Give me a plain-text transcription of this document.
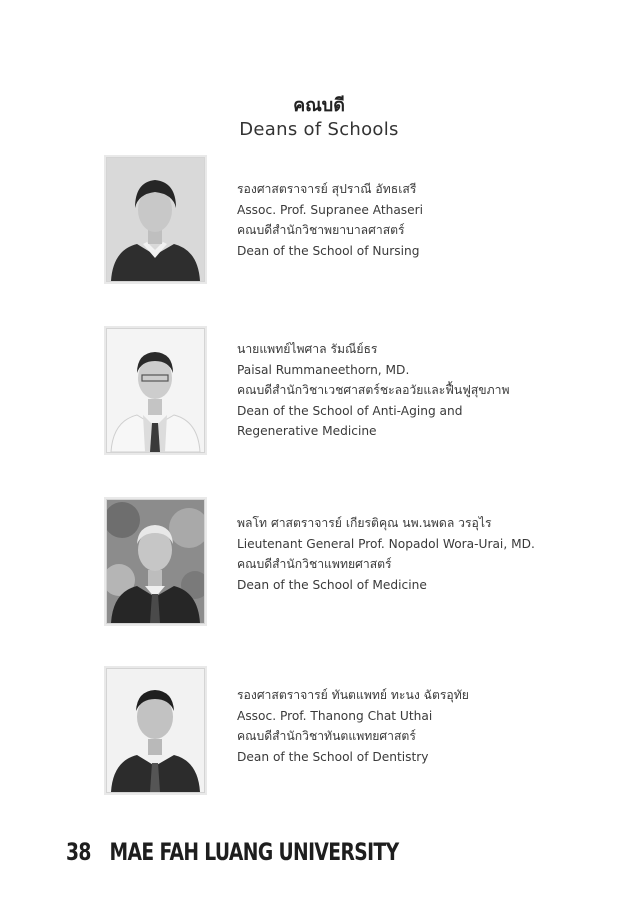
คณบดี
Deans of Schools
รองศาสตราจารย์ สุปราณี อัทธเสรี
Assoc. Prof. Supranee Athaseri
คณบดีสำนักวิชาพยาบาลศาสตร์
Dean of the School of Nursing
นายแพทย์ไพศาล รัมณีย์ธร
Paisal Rummaneethorn, MD.
คณบดีสำนักวิชาเวชศาสตร์ชะลอวัยและฟื้นฟูสุขภาพ
Dean of the School of Anti-Aging and
Regenerative Medicine
พลโท ศาสตราจารย์ เกียรติคุณ นพ.นพดล วรอุไร
Lieutenant General Prof. Nopadol Wora-Urai, MD.
คณบดีสำนักวิชาแพทยศาสตร์
Dean of the School of Medicine
รองศาสตราจารย์ ทันตแพทย์ ทะนง ฉัตรอุทัย
Assoc. Prof. Thanong Chat Uthai
คณบดีสำนักวิชาทันตแพทยศาสตร์
Dean of the School of Dentistry
38 MAE FAH LUANG UNIVERSITY
